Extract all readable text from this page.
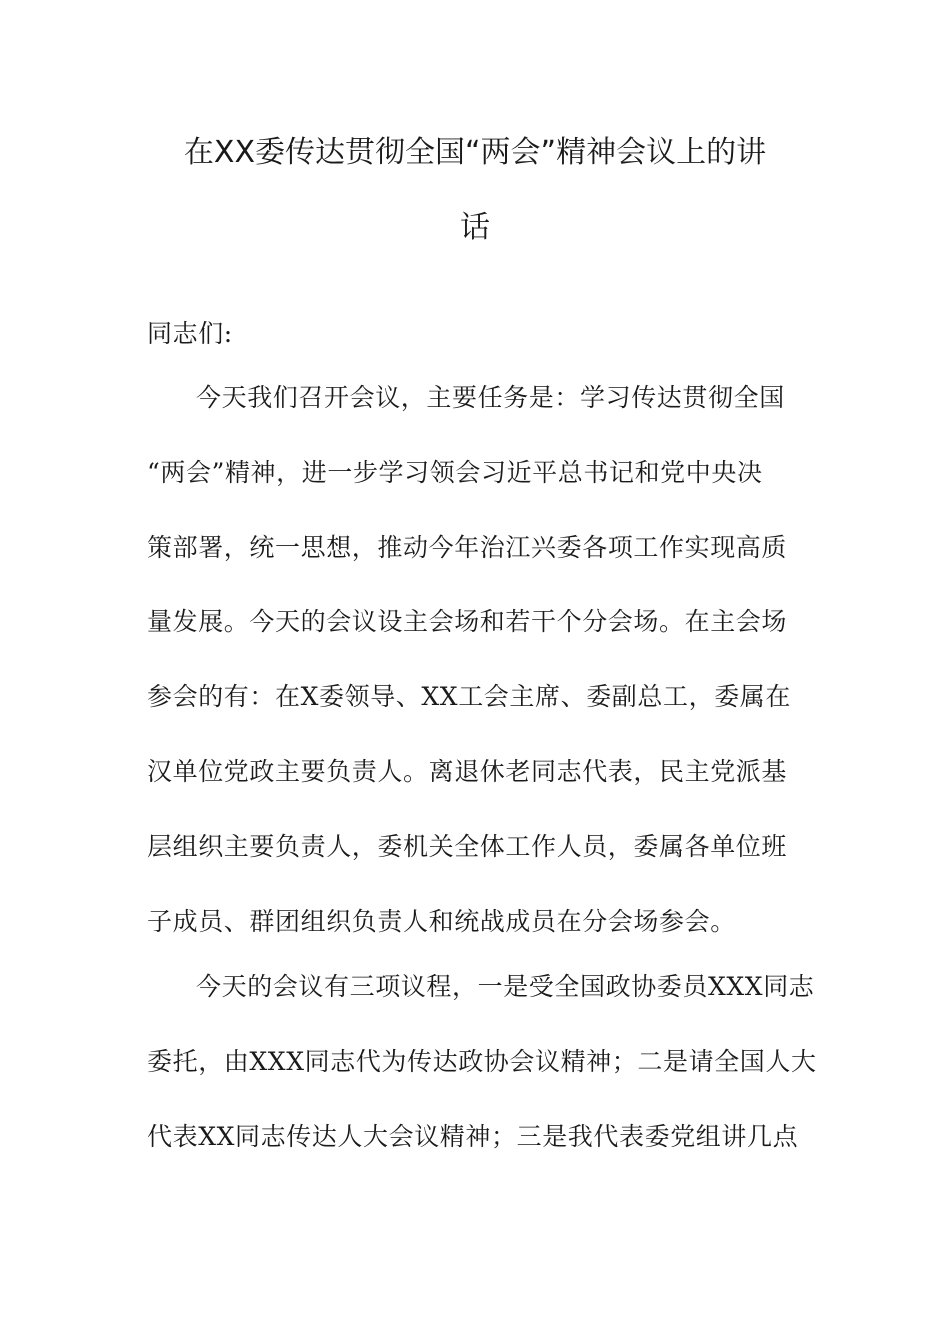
在XX委传达贯彻全国“两会”精神会议上的讲
话
同志们:
今天我们召开会议，主要任务是：学习传达贯彻全国
“两会”精神，进一步学习领会习近平总书记和党中央决
策部署，统一思想，推动今年治江兴委各项工作实现高质
量发展。今天的会议设主会场和若干个分会场。在主会场
参会的有：在X委领导、XX工会主席、委副总工，委属在
汉单位党政主要负责人。离退休老同志代表，民主党派基
层组织主要负责人，委机关全体工作人员，委属各单位班
子成员、群团组织负责人和统战成员在分会场参会。
今天的会议有三项议程，一是受全国政协委员XXX同志
委托，由XXX同志代为传达政协会议精神；二是请全国人大
代表XX同志传达人大会议精神；三是我代表委党组讲几点
